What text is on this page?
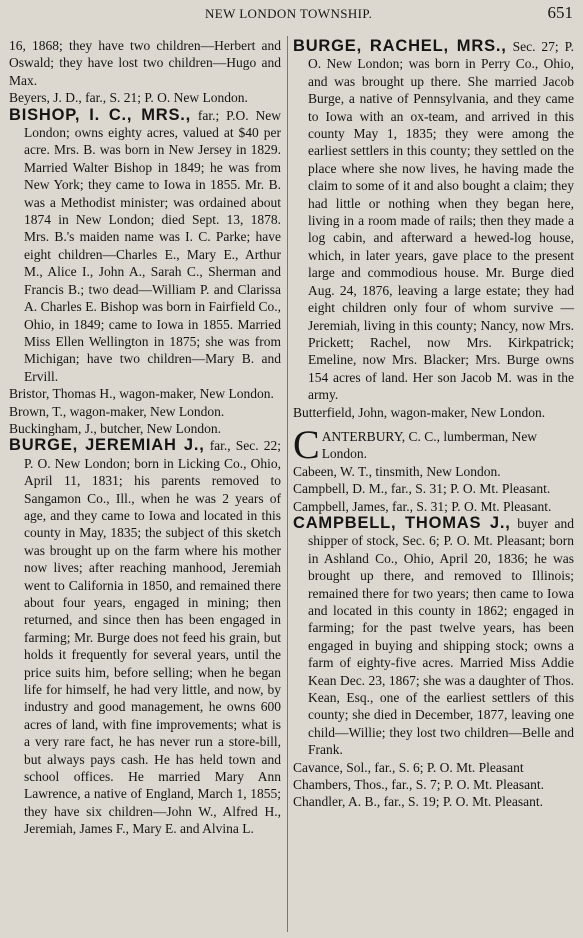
NEW LONDON TOWNSHIP.	651

16, 1868; they have two children—Herbert and Oswald; they have lost two children—Hugo and Max.

Beyers, J. D., far., S. 21; P. O. New London.

BISHOP, I. C., MRS., far.; P.O. New London; owns eighty acres, valued at $40 per acre. Mrs. B. was born in New Jersey in 1829. Married Walter Bishop in 1849; he was from New York; they came to Iowa in 1855. Mr. B. was a Methodist minister; was ordained about 1874 in New London; died Sept. 13, 1878. Mrs. B.'s maiden name was I. C. Parke; have eight children—Charles E., Mary E., Arthur M., Alice I., John A., Sarah C., Sherman and Francis B.; two dead—William P. and Clarissa A. Charles E. Bishop was born in Fairfield Co., Ohio, in 1849; came to Iowa in 1855. Married Miss Ellen Wellington in 1875; she was from Michigan; have two children—Mary B. and Ervill.

Bristor, Thomas H., wagon-maker, New London.

Brown, T., wagon-maker, New London.

Buckingham, J., butcher, New London.

BURGE, JEREMIAH J., far., Sec. 22; P. O. New London; born in Licking Co., Ohio, April 11, 1831; his parents removed to Sangamon Co., Ill., when he was 2 years of age, and they came to Iowa and located in this county in May, 1835; the subject of this sketch was brought up on the farm where his mother now lives; after reaching manhood, Jeremiah went to California in 1850, and remained there about four years, engaged in mining; then returned, and since then has been engaged in farming; Mr. Burge does not feed his grain, but holds it frequently for several years, until the price suits him, before selling; when he began life for himself, he had very little, and now, by industry and good management, he owns 600 acres of land, with fine improvements; what is a very rare fact, he has never run a store-bill, but always pays cash. He has held town and school offices. He married Mary Ann Lawrence, a native of England, March 1, 1855; they have six children—John W., Alfred H., Jeremiah, James F., Mary E. and Alvina L.

BURGE, RACHEL, MRS., Sec. 27; P. O. New London; was born in Perry Co., Ohio, and was brought up there. She married Jacob Burge, a native of Pennsylvania, and they came to Iowa with an ox-team, and arrived in this county May 1, 1835; they were among the earliest settlers in this county; they settled on the place where she now lives, he having made the claim to some of it and also bought a claim; they had little or nothing when they began here, living in a room made of rails; then they made a log cabin, and afterward a hewed-log house, which, in later years, gave place to the present large and commodious house. Mr. Burge died Aug. 24, 1876, leaving a large estate; they had eight children only four of whom survive — Jeremiah, living in this county; Nancy, now Mrs. Prickett; Rachel, now Mrs. Kirkpatrick; Emeline, now Mrs. Blacker; Mrs. Burge owns 154 acres of land. Her son Jacob M. was in the army.

Butterfield, John, wagon-maker, New London.

C ANTERBURY, C. C., lumberman, New London.

Cabeen, W. T., tinsmith, New London.

Campbell, D. M., far., S. 31; P. O. Mt. Pleasant.

Campbell, James, far., S. 31; P. O. Mt. Pleasant.

CAMPBELL, THOMAS J., buyer and shipper of stock, Sec. 6; P. O. Mt. Pleasant; born in Ashland Co., Ohio, April 20, 1836; he was brought up there, and removed to Illinois; remained there for two years; then came to Iowa and located in this county in 1862; engaged in farming; for the past twelve years, has been engaged in buying and shipping stock; owns a farm of eighty-five acres. Married Miss Addie Kean Dec. 23, 1867; she was a daughter of Thos. Kean, Esq., one of the earliest settlers of this county; she died in December, 1877, leaving one child—Willie; they lost two children—Belle and Frank.

Cavance, Sol., far., S. 6; P. O. Mt. Pleasant

Chambers, Thos., far., S. 7; P. O. Mt. Pleasant.

Chandler, A. B., far., S. 19; P. O. Mt. Pleasant.
